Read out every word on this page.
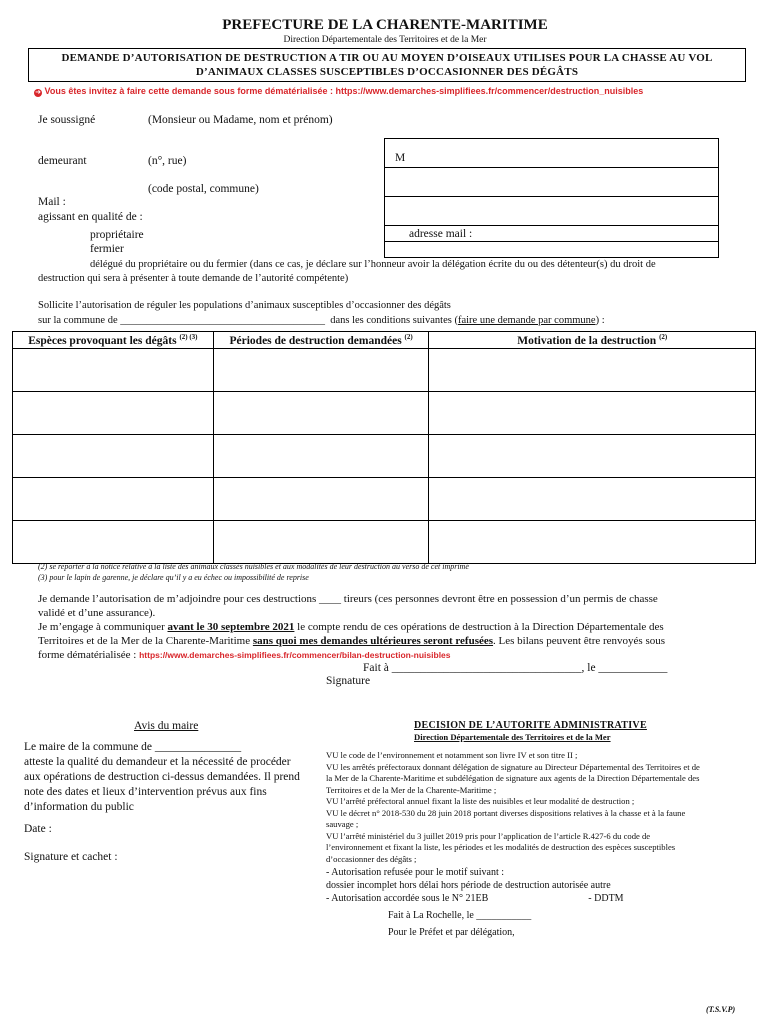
PREFECTURE DE LA CHARENTE-MARITIME
Direction Départementale des Territoires et de la Mer
DEMANDE D’AUTORISATION DE DESTRUCTION A TIR OU AU MOYEN D’OISEAUX UTILISES POUR LA CHASSE AU VOL
D’ANIMAUX CLASSES SUSCEPTIBLES D’OCCASIONNER DES DÉGÂTS
➜ Vous êtes invitez à faire cette demande sous forme dématérialisée : https://www.demarches-simplifiees.fr/commencer/destruction_nuisibles
Je soussigné	(Monsieur ou Madame, nom et prénom)
demeurant	(n°, rue)
(code postal, commune)
M
Mail :
agissant en qualité de :
propriétaire	adresse mail :
fermier
délégué du propriétaire ou du fermier (dans ce cas, je déclare sur l’honneur avoir la délégation écrite du ou des détenteur(s) du droit de
destruction qui sera à présenter à toute demande de l’autorité compétente)
Sollicite l’autorisation de réguler les populations d’animaux susceptibles d’occasionner des dégâts
sur la commune de _______________________________________ dans les conditions suivantes (faire une demande par commune) :
Espèces provoquant les dégâts $^{(2) (3)}$	Périodes de destruction demandées $^{(2)}$	Motivation de la destruction $^{(2)}$

(2) se reporter à la notice relative à la liste des animaux classés nuisibles et aux modalités de leur destruction au verso de cet imprimé
(3) pour le lapin de garenne, je déclare qu’il y a eu échec ou impossibilité de reprise
Je demande l’autorisation de m’adjoindre pour ces destructions ____ tireurs (ces personnes devront être en possession d’un permis de chasse
validé et d’une assurance).
Je m’engage à communiquer avant le 30 septembre 2021 le compte rendu de ces opérations de destruction à la Direction Départementale des
Territoires et de la Mer de la Charente-Maritime sans quoi mes demandes ultérieures seront refusées. Les bilans peuvent être renvoyés sous
forme dématérialisée : https://www.demarches-simplifiees.fr/commencer/bilan-destruction-nuisibles
Fait à _________________________________, le ____________
Signature
Avis du maire
Le maire de la commune de _______________
atteste la qualité du demandeur et la nécessité de procéder
aux opérations de destruction ci-dessus demandées. Il prend
note des dates et lieux d’intervention prévus aux fins
d’information du public
Date :
Signature et cachet :
DECISION DE L’AUTORITE ADMINISTRATIVE
Direction Départementale des Territoires et de la Mer
VU le code de l’environnement et notamment son livre IV et son titre II ;
VU les arrêtés préfectoraux donnant délégation de signature au Directeur Départemental des Territoires et de
la Mer de la Charente-Maritime et subdélégation de signature aux agents de la Direction Départementale des
Territoires et de la Mer de la Charente-Maritime ;
VU l’arrêté préfectoral annuel fixant la liste des nuisibles et leur modalité de destruction ;
VU le décret n° 2018-530 du 28 juin 2018 portant diverses dispositions relatives à la chasse et à la faune
sauvage ;
VU l’arrêté ministériel du 3 juillet 2019 pris pour l’application de l’article R.427-6 du code de
l’environnement et fixant la liste, les périodes et les modalités de destruction des espèces susceptibles
d’occasionner des dégâts ;
- Autorisation refusée pour le motif suivant :
dossier incomplet hors délai hors période de destruction autorisée autre
- Autorisation accordée sous le N° 21EB	- DDTM
Fait à La Rochelle, le ___________
Pour le Préfet et par délégation,
(T.S.V.P)
